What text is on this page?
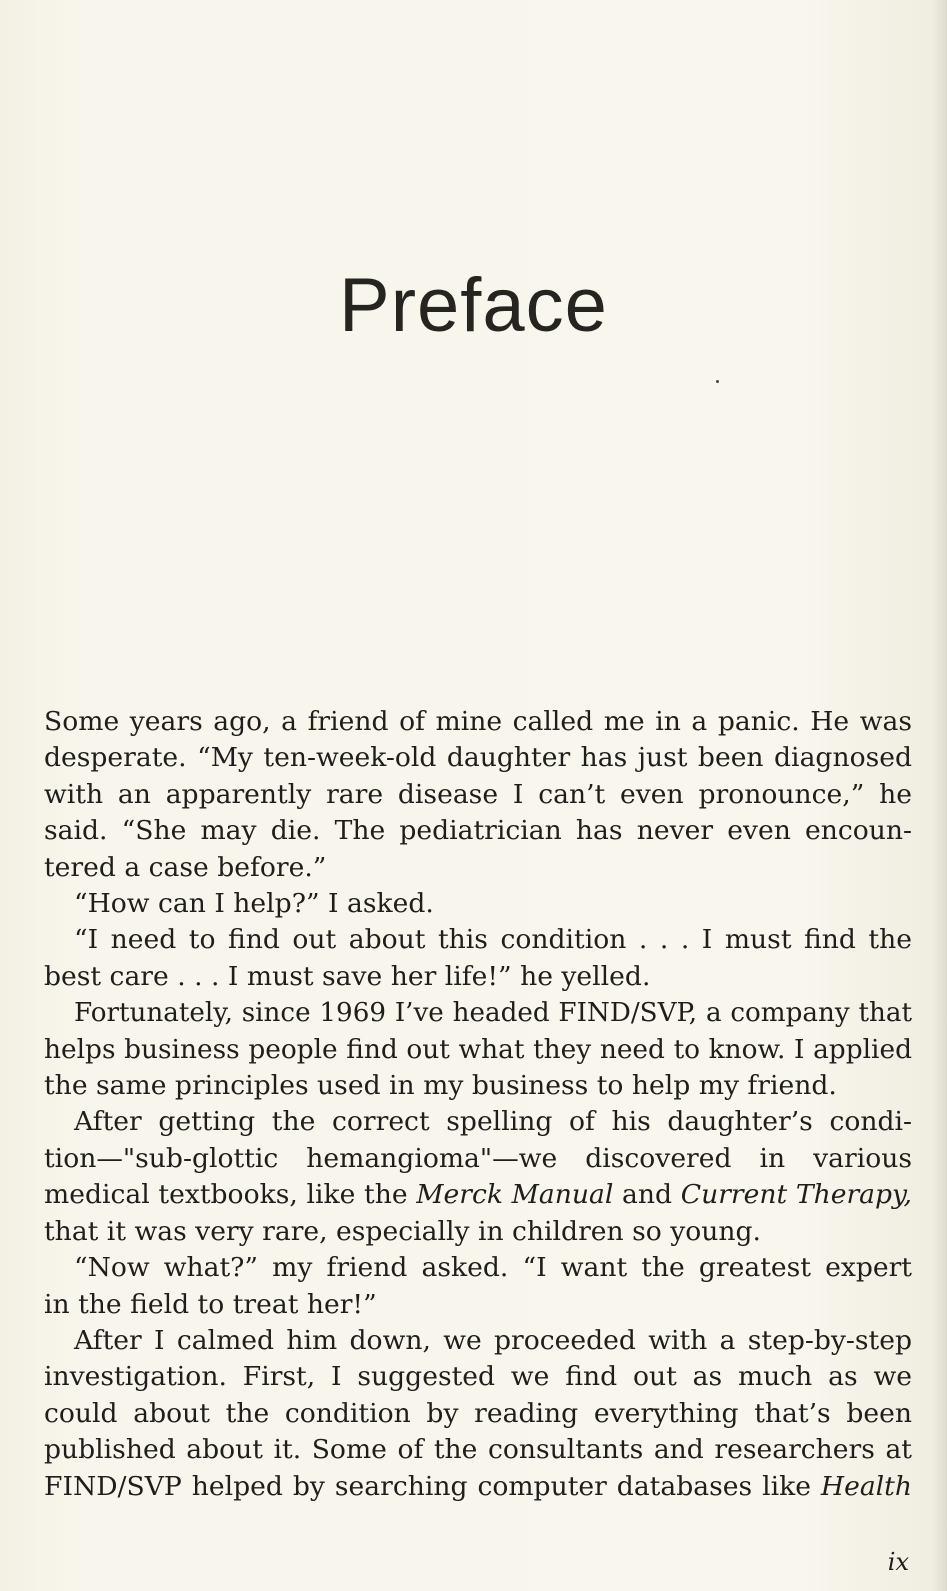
Preface
Some years ago, a friend of mine called me in a panic. He was
desperate. “My ten-week-old daughter has just been diagnosed
with an apparently rare disease I can’t even pronounce,” he
said. “She may die. The pediatrician has never even encoun-
tered a case before.”
“How can I help?” I asked.
“I need to find out about this condition . . . I must find the
best care . . . I must save her life!” he yelled.
Fortunately, since 1969 I’ve headed FIND/SVP, a company that
helps business people find out what they need to know. I applied
the same principles used in my business to help my friend.
After getting the correct spelling of his daughter’s condi-
tion—"sub-glottic hemangioma"—we discovered in various
medical textbooks, like the Merck Manual and Current Therapy,
that it was very rare, especially in children so young.
“Now what?” my friend asked. “I want the greatest expert
in the field to treat her!”
After I calmed him down, we proceeded with a step-by-step
investigation. First, I suggested we find out as much as we
could about the condition by reading everything that’s been
published about it. Some of the consultants and researchers at
FIND/SVP helped by searching computer databases like Health
ix
